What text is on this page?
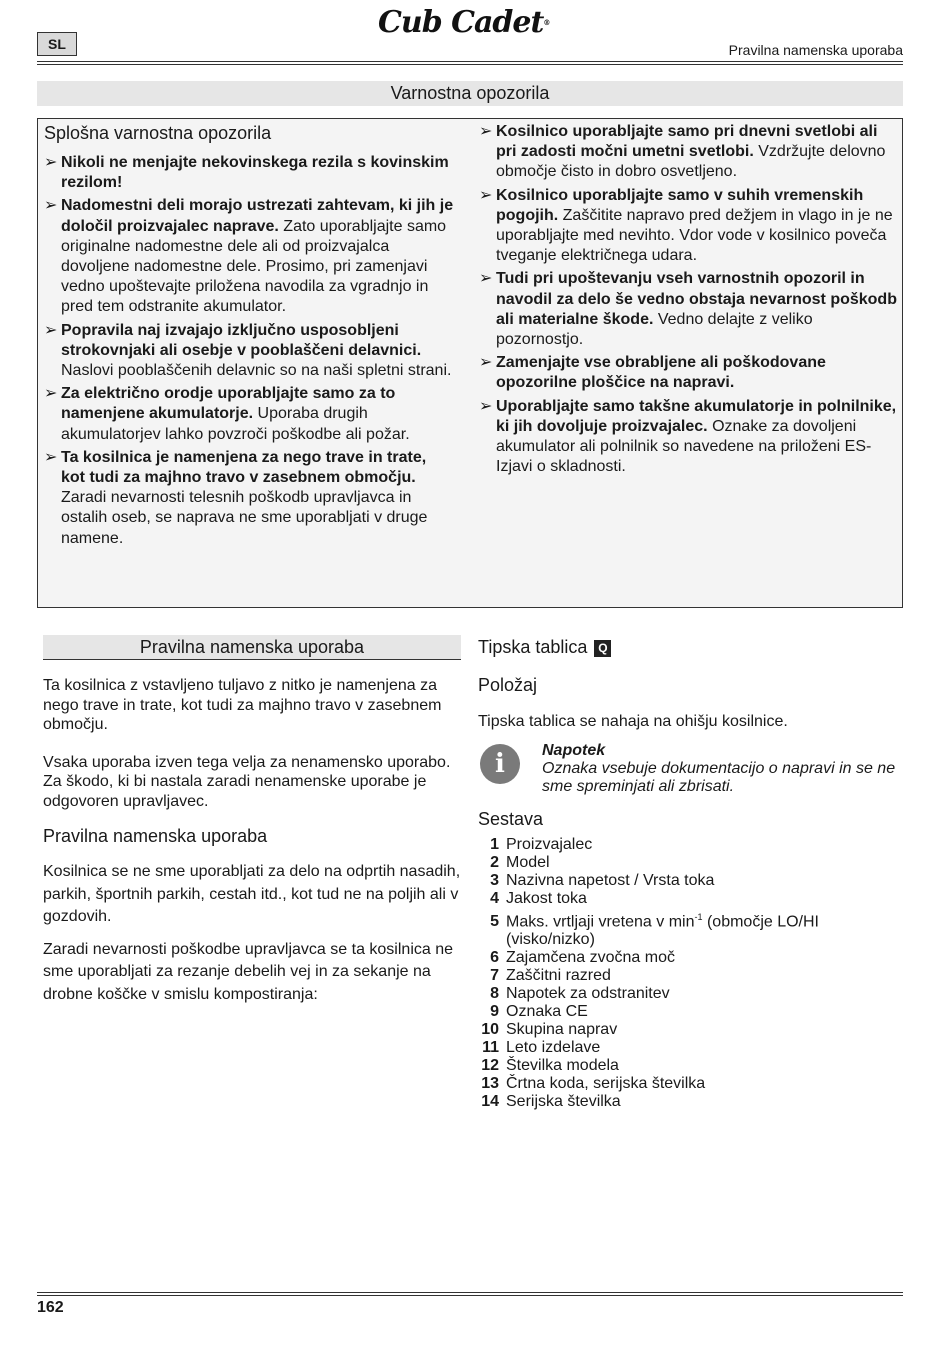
SL
Cub Cadet®
Pravilna namenska uporaba
Varnostna opozorila
Splošna varnostna opozorila
➢ Nikoli ne menjajte nekovinskega rezila s kovinskim rezilom!
➢ Nadomestni deli morajo ustrezati zahtevam, ki jih je določil proizvajalec naprave. Zato uporabljajte samo originalne nadomestne dele ali od proizvajalca dovoljene nadomestne dele. Prosimo, pri zamenjavi vedno upoštevajte priložena navodila za vgradnjo in pred tem odstranite akumulator.
➢ Popravila naj izvajajo izključno usposobljeni strokovnjaki ali osebje v pooblaščeni delavnici. Naslovi pooblaščenih delavnic so na naši spletni strani.
➢ Za električno orodje uporabljajte samo za to namenjene akumulatorje. Uporaba drugih akumulatorjev lahko povzroči poškodbe ali požar.
➢ Ta kosilnica je namenjena za nego trave in trate, kot tudi za majhno travo v zasebnem območju. Zaradi nevarnosti telesnih poškodb upravljavca in ostalih oseb, se naprava ne sme uporabljati v druge namene.
➢ Kosilnico uporabljajte samo pri dnevni svetlobi ali pri zadosti močni umetni svetlobi. Vzdržujte delovno območje čisto in dobro osvetljeno.
➢ Kosilnico uporabljajte samo v suhih vremenskih pogojih. Zaščitite napravo pred dežjem in vlago in je ne uporabljajte med nevihto. Vdor vode v kosilnico poveča tveganje električnega udara.
➢ Tudi pri upoštevanju vseh varnostnih opozoril in navodil za delo še vedno obstaja nevarnost poškodb ali materialne škode. Vedno delajte z veliko pozornostjo.
➢ Zamenjajte vse obrabljene ali poškodovane opozorilne ploščice na napravi.
➢ Uporabljajte samo takšne akumulatorje in polnilnike, ki jih dovoljuje proizvajalec. Oznake za dovoljeni akumulator ali polnilnik so navedene na priloženi ES-Izjavi o skladnosti.
Pravilna namenska uporaba

Ta kosilnica z vstavljeno tuljavo z nitko je namenjena za nego trave in trate, kot tudi za majhno travo v zasebnem območju.

Vsaka uporaba izven tega velja za nenamensko uporabo. Za škodo, ki bi nastala zaradi nenamenske uporabe je odgovoren upravljavec.

Pravilna namenska uporaba

Kosilnica se ne sme uporabljati za delo na odprtih nasadih, parkih, športnih parkih, cestah itd., kot tud ne na poljih ali v gozdovih.

Zaradi nevarnosti poškodbe upravljavca se ta kosilnica ne sme uporabljati za rezanje debelih vej in za sekanje na drobne koščke v smislu kompostiranja:

Tipska tablica Q
Položaj
Tipska tablica se nahaja na ohišju kosilnice.
i	Napotek
Oznaka vsebuje dokumentacijo o napravi in se ne sme spreminjati ali zbrisati.
Sestava
1 Proizvajalec
2 Model
3 Nazivna napetost / Vrsta toka
4 Jakost toka
5 Maks. vrtljaji vretena v $\min^{-1}$ (območje LO/HI (visko/nizko)
6 Zajamčena zvočna moč
7 Zaščitni razred
8 Napotek za odstranitev
9 Oznaka CE
10 Skupina naprav
11 Leto izdelave
12 Številka modela
13 Črtna koda, serijska številka
14 Serijska številka
162
